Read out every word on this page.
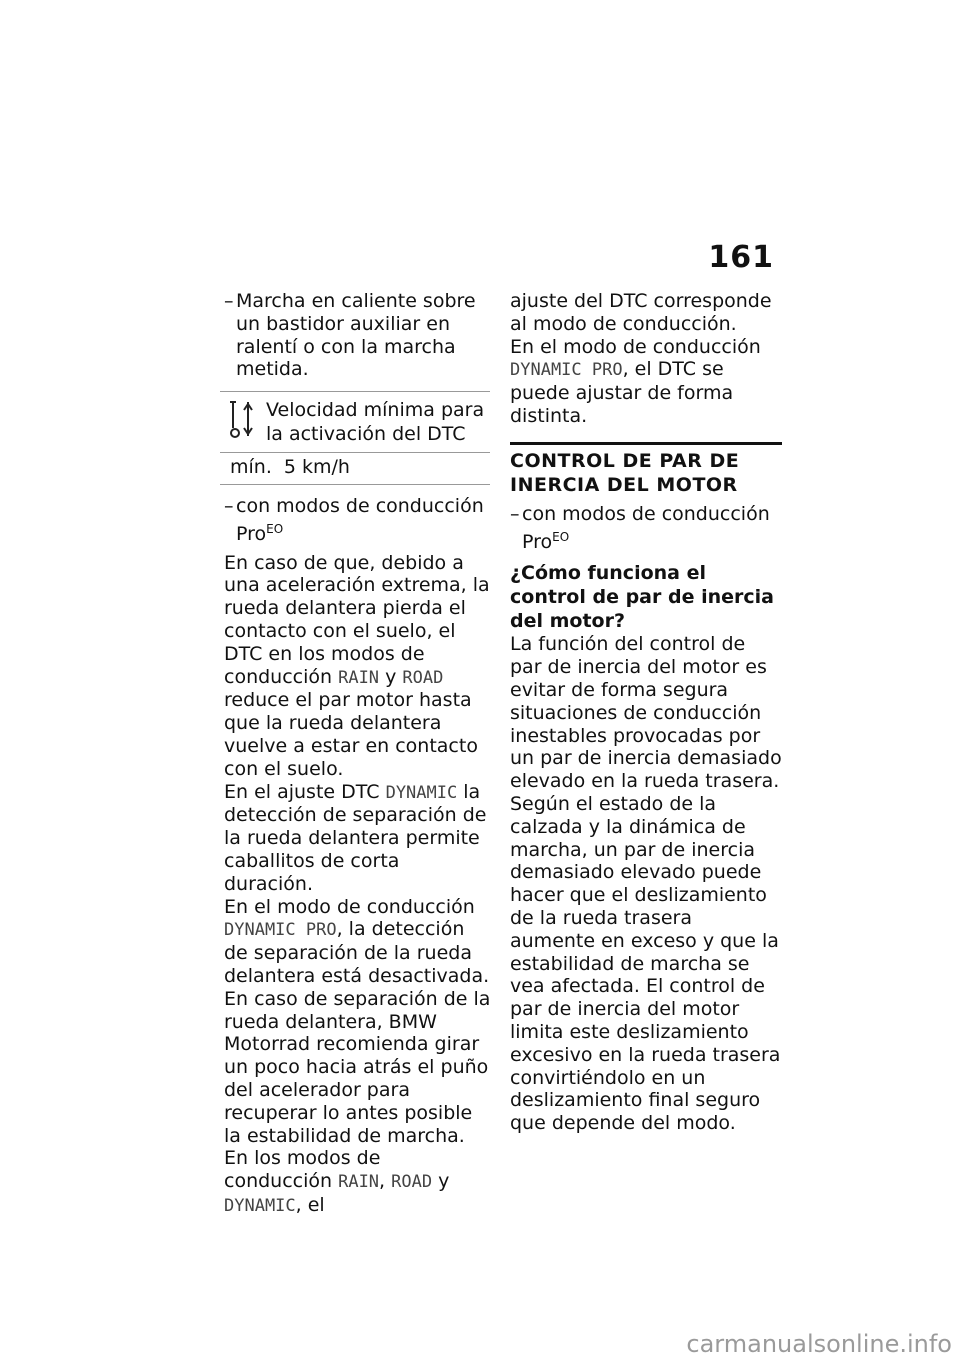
161
– Marcha en caliente sobre un bastidor auxiliar en ralentí o con la marcha metida.
Velocidad mínima para la activación del DTC
mín. 5 km/h
– con modos de conducción Pro$^{EO}$

En caso de que, debido a una aceleración extrema, la rueda delantera pierda el contacto con el suelo, el DTC en los modos de conducción RAIN y ROAD reduce el par motor hasta que la rueda delantera vuelve a estar en contacto con el suelo.

En el ajuste DTC DYNAMIC la detección de separación de la rueda delantera permite caballitos de corta duración.

En el modo de conducción DYNAMIC PRO, la detección de separación de la rueda delantera está desactivada.

En caso de separación de la rueda delantera, BMW Motorrad recomienda girar un poco hacia atrás el puño del acelerador para recuperar lo antes posible la estabilidad de marcha.

En los modos de conducción RAIN, ROAD y DYNAMIC, el

ajuste del DTC corresponde al modo de conducción.

En el modo de conducción DYNAMIC PRO, el DTC se puede ajustar de forma distinta.

CONTROL DE PAR DE INERCIA DEL MOTOR
– con modos de conducción Pro$^{EO}$
¿Cómo funciona el control de par de inercia del motor?

La función del control de par de inercia del motor es evitar de forma segura situaciones de conducción inestables provocadas por un par de inercia demasiado elevado en la rueda trasera. Según el estado de la calzada y la dinámica de marcha, un par de inercia demasiado elevado puede hacer que el deslizamiento de la rueda trasera aumente en exceso y que la estabilidad de marcha se vea afectada. El control de par de inercia del motor limita este deslizamiento excesivo en la rueda trasera convirtiéndolo en un deslizamiento final seguro que depende del modo.

carmanualsonline.info
